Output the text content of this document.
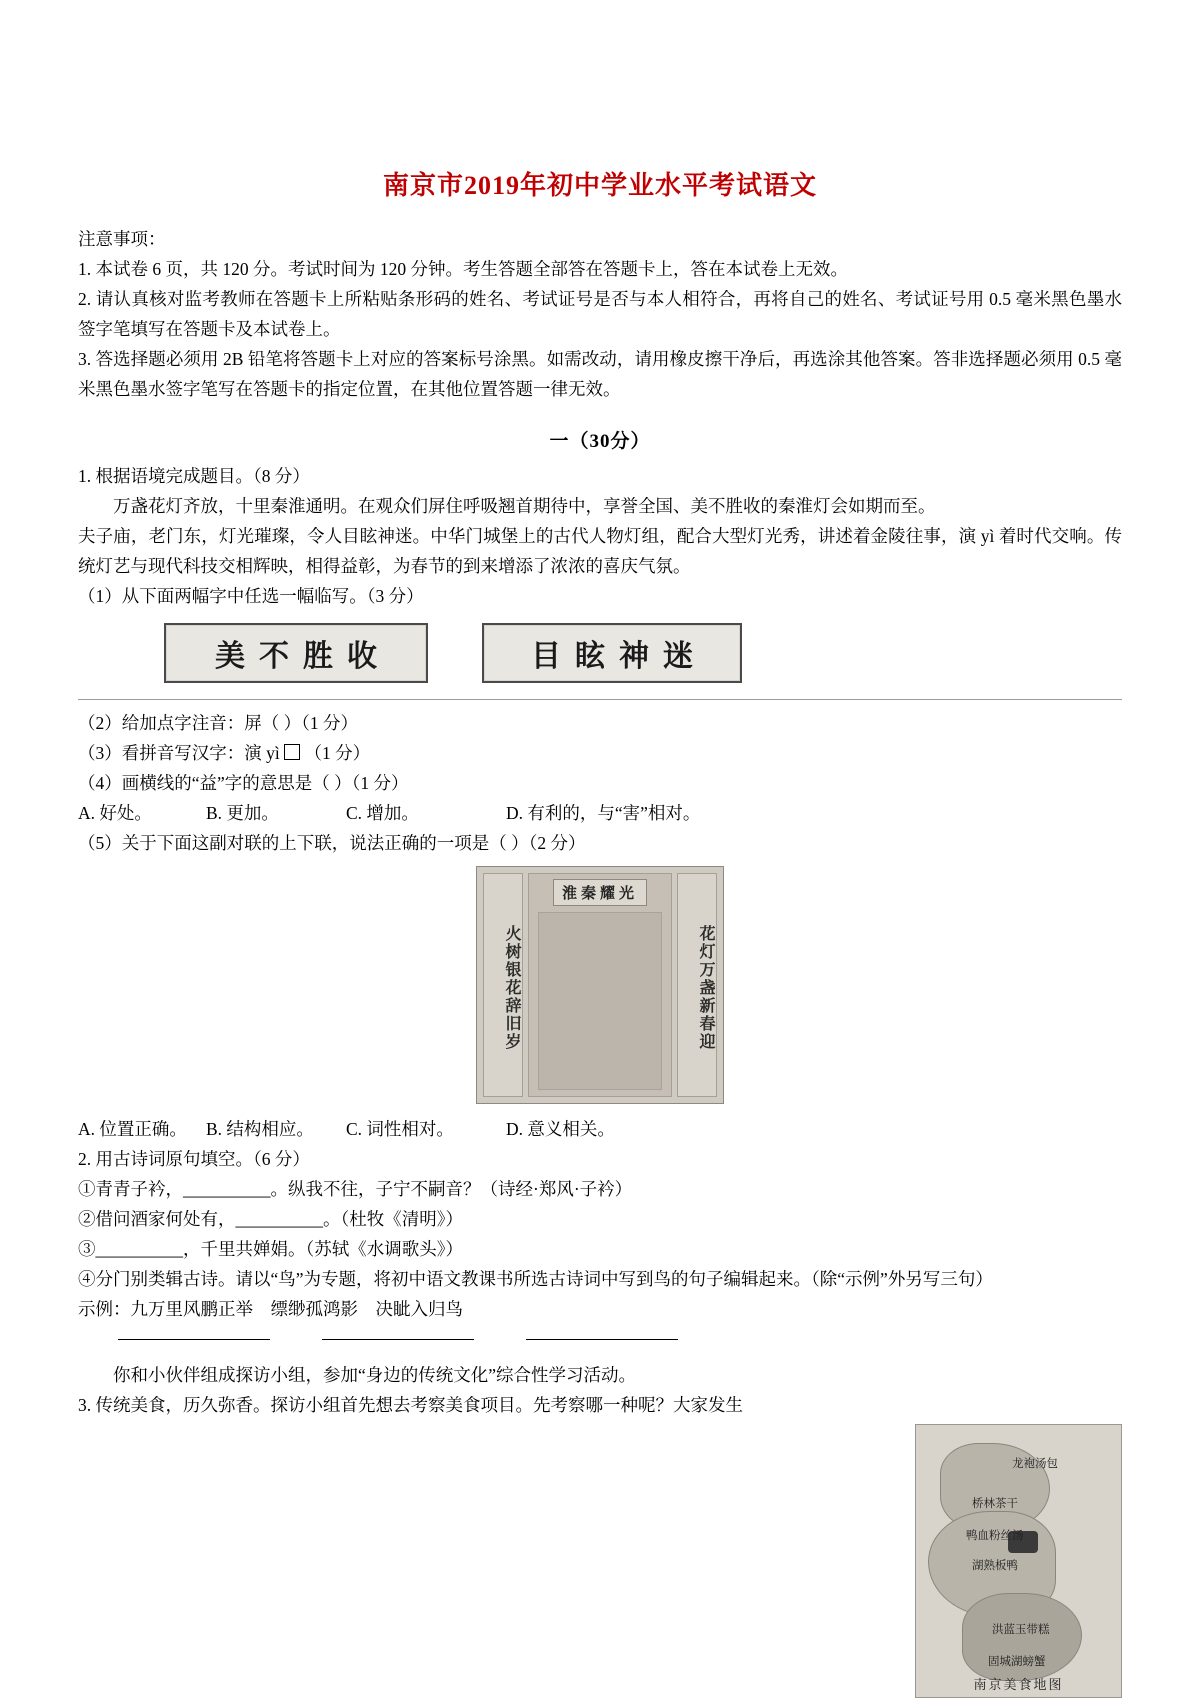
南京市2019年初中学业水平考试语文

注意事项：

1. 本试卷 6 页，共 120 分。考试时间为 120 分钟。考生答题全部答在答题卡上，答在本试卷上无效。

2. 请认真核对监考教师在答题卡上所粘贴条形码的姓名、考试证号是否与本人相符合，再将自己的姓名、考试证号用 0.5 毫米黑色墨水签字笔填写在答题卡及本试卷上。

3. 答选择题必须用 2B 铅笔将答题卡上对应的答案标号涂黑。如需改动，请用橡皮擦干净后，再选涂其他答案。答非选择题必须用 0.5 毫米黑色墨水签字笔写在答题卡的指定位置，在其他位置答题一律无效。

一（30分）

1. 根据语境完成题目。（8 分）

万盏花灯齐放，十里秦淮通明。在观众们屏住呼吸翘首期待中，享誉全国、美不胜收的秦淮灯会如期而至。

夫子庙，老门东，灯光璀璨，令人目眩神迷。中华门城堡上的古代人物灯组，配合大型灯光秀，讲述着金陵往事，演 yì 着时代交响。传统灯艺与现代科技交相辉映，相得益彰，为春节的到来增添了浓浓的喜庆气氛。

（1）从下面两幅字中任选一幅临写。（3 分）

美不胜收	目眩神迷

（2）给加点字注音：屏（ ）（1 分）

（3）看拼音写汉字：演 yì （1 分）

（4）画横线的“益”字的意思是（ ）（1 分）

A. 好处。	B. 更加。	C. 增加。	D. 有利的，与“害”相对。

（5）关于下面这副对联的上下联，说法正确的一项是（ ）（2 分）

火树银花辞旧岁
淮秦耀光
花灯万盏新春迎
A. 位置正确。	B. 结构相应。	C. 词性相对。	D. 意义相关。

2. 用古诗词原句填空。（6 分）

①青青子衿，__________。纵我不往，子宁不嗣音？（诗经·郑风·子衿）

②借问酒家何处有，__________。（杜牧《清明》）

③__________，千里共婵娟。（苏轼《水调歌头》）

④分门别类辑古诗。请以“鸟”为专题，将初中语文教课书所选古诗词中写到鸟的句子编辑起来。（除“示例”外另写三句）

示例：九万里风鹏正举　缥缈孤鸿影　决眦入归鸟

你和小伙伴组成探访小组，参加“身边的传统文化”综合性学习活动。

3. 传统美食，历久弥香。探访小组首先想去考察美食项目。先考察哪一种呢？大家发生

龙袍汤包
桥林茶干
鸭血粉丝汤
湖熟板鸭
洪蓝玉带糕
固城湖螃蟹
南京美食地图
